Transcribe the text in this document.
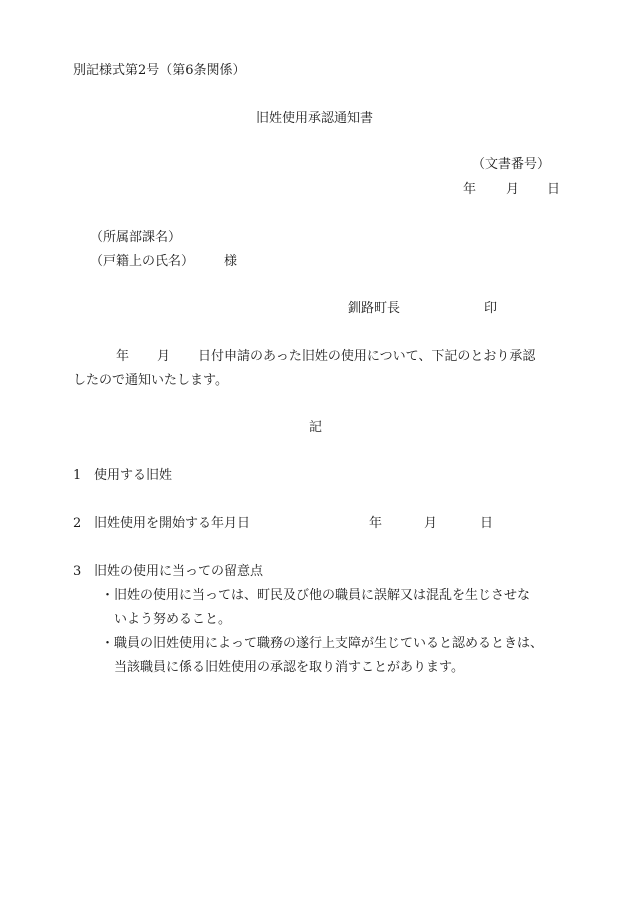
別記様式第2号（第6条関係）
旧姓使用承認通知書
（文書番号）
年 月 日
（所属部課名）
（戸籍上の氏名） 様
釧路町長	印
年 月 日付申請のあった旧姓の使用について、下記のとおり承認
したので通知いたします。
記
1 使用する旧姓
2 旧姓使用を開始する年月日	年	月	日
3 旧姓の使用に当っての留意点
・ 旧姓の使用に当っては、町民及び他の職員に誤解又は混乱を生じさせな
いよう努めること。
・ 職員の旧姓使用によって職務の遂行上支障が生じていると認めるときは、
当該職員に係る旧姓使用の承認を取り消すことがあります。
